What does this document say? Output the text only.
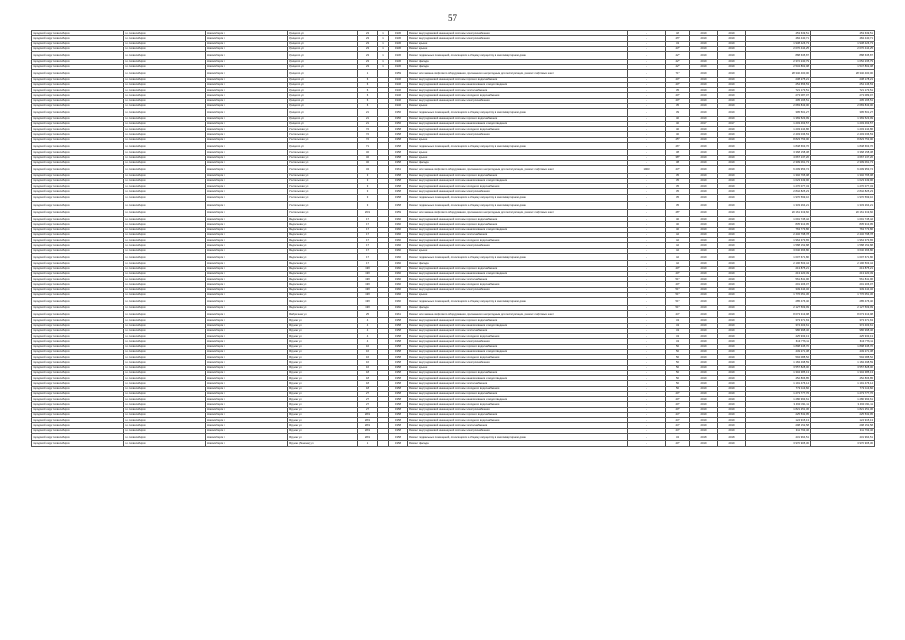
57
городской округ Новосибирск	г.о. Новосибирск	Новосибирск г	Урицкого ул	23	1	1936	Ремонт внутридомовой инженерной системы электроснабжения	-	4б	2019	2019	453 639,51	453 639,51
городской округ Новосибирск	г.о. Новосибирск	Новосибирск г	Урицкого ул	23	1	1936	Ремонт внутридомовой инженерной системы электроснабжения	-	4б*	2019	2019	484 440,71	484 440,71
городской округ Новосибирск	г.о. Новосибирск	Новосибирск г	Урицкого ул	23	1	1936	Ремонт крыши	-	43	2019	2019	1 938 426,73	1 938 426,73
городской округ Новосибирск	г.о. Новосибирск	Новосибирск г	Урицкого ул	23	1	1936	Ремонт крыши	-	43*	2019	2019	2 070 444,25	2 070 444,25
городской округ Новосибирск	г.о. Новосибирск	Новосибирск г	Урицкого ул	23	1	1936	Ремонт подвальных помещений, относящихся к общему имуществу в многоквартирном доме	-	42*	2019	2019	888 635,87	888 635,87
городской округ Новосибирск	г.о. Новосибирск	Новосибирск г	Урицкого ул	23	1	1936	Ремонт фасада	-	42*	2019	2019	2 372 240,79	1 052 235,79
городской округ Новосибирск	г.о. Новосибирск	Новосибирск г	Урицкого ул	23	1	1936	Ремонт фасада	-	42*	2019	2019	2 534 802,08	1 547 802,08
городской округ Новосибирск	г.о. Новосибирск	Новосибирск г	Урицкого ул	1		1959	Ремонт или замена лифтового оборудования, признанного непригодным для эксплуатации, ремонт лифтовых шахт	-	71*	2019	2019	28 340 400,00	28 340 400,00
городской округ Новосибирск	г.о. Новосибирск	Новосибирск г	Урицкого ул	6		1946	Ремонт внутридомовой инженерной системы горячего водоснабжения	-	40*	2019	2019	238 275,21	238 178,21
городской округ Новосибирск	г.о. Новосибирск	Новосибирск г	Урицкого ул	6		1946	Ремонт внутридомовой инженерной системы канализования и водоотведения	-	40*	2019	2019	254 656,53	254 146,53
городской округ Новосибирск	г.о. Новосибирск	Новосибирск г	Урицкого ул	6		1946	Ремонт внутридомовой инженерной системы теплоснабжения	-	35	2019	2019	721 173,51	721 173,51
городской округ Новосибирск	г.о. Новосибирск	Новосибирск г	Урицкого ул	6		1946	Ремонт внутридомовой инженерной системы холодного водоснабжения	-	40*	2019	2019	273 087,97	273 089,97
городской округ Новосибирск	г.о. Новосибирск	Новосибирск г	Урицкого ул	6		1946	Ремонт внутридомовой инженерной системы электроснабжения	-	40*	2019	2019	405 165,51	405 165,51
городской округ Новосибирск	г.о. Новосибирск	Новосибирск г	Урицкого ул	6		1946	Ремонт крыши	-	35	2019	2019	2 683 843,00	2 683 843,00
городской округ Новосибирск	г.о. Новосибирск	Новосибирск г	Урицкого ул	21		1956	Ремонт подвальных помещений, относящихся к общему имуществу в многоквартирном доме	-	39	2019	2019	395 501,27	395 501,27
городской округ Новосибирск	г.о. Новосибирск	Новосибирск г	Урицкого ул	21		1956	Ремонт внутридомовой инженерной системы горячего водоснабжения	-	40	2019	2019	1 369 523,99	1 369 523,99
городской округ Новосибирск	г.о. Новосибирск	Новосибирск г	Урицкого ул	21		1956	Ремонт внутридомовой инженерной системы канализования и водоотведения	-	40	2017	2017	1 203 463,57	1 203 463,57
городской округ Новосибирск	г.о. Новосибирск	Новосибирск г	Учительская ул	72		1958	Ремонт внутридомовой инженерной системы холодного водоснабжения	-	40	2019	2019	1 203 244,86	1 203 244,86
городской округ Новосибирск	г.о. Новосибирск	Новосибирск г	Учительская ул	72		1958	Ремонт внутридомовой инженерной системы электроснабжения	-	40	2019	2019	2 403 036,53	2 403 036,53
городской округ Новосибирск	г.о. Новосибирск	Новосибирск г	Учительская ул	72		1958	Ремонт крыши	-	45*	2019	2019	8 823 753,00	8 823 753,00
городской округ Новосибирск	г.о. Новосибирск	Новосибирск г	Урицкого ул	71		1958	Ремонт подвальных помещений, относящихся к общему имуществу в многоквартирном доме	-	46*	2019	2019	1 848 663,76	1 848 663,76
городской округ Новосибирск	г.о. Новосибирск	Новосибирск г	Учительская ул	32		1958	Ремонт крыши	-	38	2019	2019	3 368 158,38	3 368 158,38
городской округ Новосибирск	г.о. Новосибирск	Новосибирск г	Учительская ул	32		1958	Ремонт крыши	-	38*	2019	2019	4 667 137,20	4 667 137,20
городской округ Новосибирск	г.о. Новосибирск	Новосибирск г	Учительская ул	32		1958	Ремонт фасада	-	38	2019	2019	2 309 061,73	2 309 061,73
городской округ Новосибирск	г.о. Новосибирск	Новосибирск г	Учительская ул	34		1961	Ремонт или замена лифтового оборудования, признанного непригодным для эксплуатации, ремонт лифтовых шахт	1903	43*	2019	2019	6 209 953,74	6 209 953,74
городской округ Новосибирск	г.о. Новосибирск	Новосибирск г	Учительская ул	3		1958	Ремонт внутридомовой инженерной системы горячего водоснабжения	-	35	2019	2019	1 302 765,08	1 302 765,08
городской округ Новосибирск	г.о. Новосибирск	Новосибирск г	Учительская ул	3		1958	Ремонт внутридомовой инженерной системы канализования и водоотведения	-	35	2019	2019	1 023 349,96	1 023 349,96
городской округ Новосибирск	г.о. Новосибирск	Новосибирск г	Учительская ул	3		1958	Ремонт внутридомовой инженерной системы холодного водоснабжения	-	35	2019	2019	1 270 077,43	1 270 077,43
городской округ Новосибирск	г.о. Новосибирск	Новосибирск г	Учительская ул	3		1958	Ремонт внутридомовой инженерной системы электроснабжения	-	35	2019	2019	2 842 825,23	2 842 825,23
городской округ Новосибирск	г.о. Новосибирск	Новосибирск г	Учительская ул	3		1958	Ремонт подвальных помещений, относящихся к общему имуществу в многоквартирном доме	-	35	2019	2019	1 970 599,10	1 970 599,10
городской округ Новосибирск	г.о. Новосибирск	Новосибирск г	Учительская ул	3		1958	Ремонт подвальных помещений, относящихся к общему имуществу в многоквартирном доме	-	35	2019	2019	1 333 264,21	1 333 264,21
городской округ Новосибирск	г.о. Новосибирск	Новосибирск г	Учительская ул	26/1		1959	Ремонт или замена лифтового оборудования, признанного непригодным для эксплуатации, ремонт лифтовых шахт	-	48*	2019	2019	20 161 319,60	20 161 319,60
городской округ Новосибирск	г.о. Новосибирск	Новосибирск г	Федосеева ул	17		1960	Ремонт внутридомовой инженерной системы горячего водоснабжения	-	40	2019	2019	1 091 745,42	1 091 745,42
городской округ Новосибирск	г.о. Новосибирск	Новосибирск г	Федосеева ул	17		1960	Ремонт внутридомовой инженерной системы горячего водоснабжения	-	40	2019	2019	835 913,95	835 913,95
городской округ Новосибирск	г.о. Новосибирск	Новосибирск г	Федосеева ул	17		1960	Ремонт внутридомовой инженерной системы канализования и водоотведения	-	40	2019	2019	763 773,86	763 773,86
городской округ Новосибирск	г.о. Новосибирск	Новосибирск г	Федосеева ул	17		1960	Ремонт внутридомовой инженерной системы теплоснабжения	-	42	2019	2019	2 432 798,78	2 432 798,78
городской округ Новосибирск	г.о. Новосибирск	Новосибирск г	Федосеева ул	17		1960	Ремонт внутридомовой инженерной системы холодного водоснабжения	-	42	2019	2019	1 964 373,65	1 964 373,65
городской округ Новосибирск	г.о. Новосибирск	Новосибирск г	Федосеева ул	17		1960	Ремонт внутридомовой инженерной системы электроснабжения	-	42	2019	2019	1 588 152,88	1 588 152,88
городской округ Новосибирск	г.о. Новосибирск	Новосибирск г	Федосеева ул	17		1960	Ремонт крыши	-	42	2019	2019	3 640 366,80	3 640 366,80
городской округ Новосибирск	г.о. Новосибирск	Новосибирск г	Федосеева ул	17		1960	Ремонт подвальных помещений, относящихся к общему имуществу в многоквартирном доме	-	42	2019	2019	1 007 671,80	1 007 671,80
городской округ Новосибирск	г.о. Новосибирск	Новосибирск г	Федосеева ул	17		1960	Ремонт фасада	-	42	2019	2019	2 196 503,44	2 196 503,44
городской округ Новосибирск	г.о. Новосибирск	Новосибирск г	Федосеева ул	19б		1960	Ремонт внутридомовой инженерной системы горячего водоснабжения	-	40*	2019	2019	213 875,21	213 875,21
городской округ Новосибирск	г.о. Новосибирск	Новосибирск г	Федосеева ул	19б		1960	Ремонт внутридомовой инженерной системы канализования и водоотведения	-	40*	2019	2019	213 220,49	213 220,49
городской округ Новосибирск	г.о. Новосибирск	Новосибирск г	Федосеева ул	19б		1960	Ремонт внутридомовой инженерной системы теплоснабжения	-	51*	2019	2019	561 841,96	561 841,96
городской округ Новосибирск	г.о. Новосибирск	Новосибирск г	Федосеева ул	19б		1960	Ремонт внутридомовой инженерной системы холодного водоснабжения	-	40*	2019	2019	201 206,07	201 206,07
городской округ Новосибирск	г.о. Новосибирск	Новосибирск г	Федосеева ул	19б		1960	Ремонт внутридомовой инженерной системы электроснабжения	-	51*	2019	2019	349 444,32	349 444,32
городской округ Новосибирск	г.о. Новосибирск	Новосибирск г	Федосеева ул	19б		1960	Ремонт крыши	-	51*	2019	2019	1 776 051,36	1 776 051,36
городской округ Новосибирск	г.о. Новосибирск	Новосибирск г	Федосеева ул	19б		1960	Ремонт подвальных помещений, относящихся к общему имуществу в многоквартирном доме	-	51*	2019	2019	285 476,40	285 476,40
городской округ Новосибирск	г.о. Новосибирск	Новосибирск г	Федосеева ул	19б		1960	Ремонт фасада	-	51*	2019	2019	2 127 509,99	2 127 509,99
городской округ Новосибирск	г.о. Новосибирск	Новосибирск г	Фабричная ул	25		1961	Ремонт или замена лифтового оборудования, признанного непригодным для эксплуатации, ремонт лифтовых шахт	-	44*	2019	2019	8 073 313,98	8 073 313,98
городской округ Новосибирск	г.о. Новосибирск	Новосибирск г	Фрунзе ул	4		1958	Ремонт внутридомовой инженерной системы горячего водоснабжения	-	43	2019	2019	373 371,63	373 371,63
городской округ Новосибирск	г.о. Новосибирск	Новосибирск г	Фрунзе ул	4		1958	Ремонт внутридомовой инженерной системы канализования и водоотведения	-	43	2019	2019	374 403,61	374 403,61
городской округ Новосибирск	г.о. Новосибирск	Новосибирск г	Фрунзе ул	4		1958	Ремонт внутридомовой инженерной системы теплоснабжения	-	43	2019	2019	986 998,46	986 998,46
городской округ Новосибирск	г.о. Новосибирск	Новосибирск г	Фрунзе ул	4		1958	Ремонт внутридомовой инженерной системы холодного водоснабжения	-	43	2019	2019	425 933,13	425 933,13
городской округ Новосибирск	г.о. Новосибирск	Новосибирск г	Фрунзе ул	4		1958	Ремонт внутридомовой инженерной системы электроснабжения	-	43	2019	2019	613 776,11	613 776,11
городской округ Новосибирск	г.о. Новосибирск	Новосибирск г	Фрунзе ул	16		1958	Ремонт внутридомовой инженерной системы горячего водоснабжения	-	50	2019	2019	1 898 345,70	1 898 345,70
городской округ Новосибирск	г.о. Новосибирск	Новосибирск г	Фрунзе ул	16		1958	Ремонт внутридомовой инженерной системы канализования и водоотведения	-	50	2019	2019	449 271,38	449 271,38
городской округ Новосибирск	г.о. Новосибирск	Новосибирск г	Фрунзе ул	16		1958	Ремонт внутридомовой инженерной системы холодного водоснабжения	-	50	2019	2019	594 088,52	594 088,52
городской округ Новосибирск	г.о. Новосибирск	Новосибирск г	Фрунзе ул	16		1958	Ремонт внутридомовой инженерной системы электроснабжения	-	50	2019	2019	1 184 498,59	1 184 498,59
городской округ Новосибирск	г.о. Новосибирск	Новосибирск г	Фрунзе ул	16		1958	Ремонт крыши	-	50	2019	2019	3 557 828,00	3 557 828,00
городской округ Новосибирск	г.о. Новосибирск	Новосибирск г	Фрунзе ул	18		1958	Ремонт внутридомовой инженерной системы горячего водоснабжения	-	50	2019	2019	1 304 385,13	1 304 385,13
городской округ Новосибирск	г.о. Новосибирск	Новосибирск г	Фрунзе ул	18		1958	Ремонт внутридомовой инженерной системы канализования и водоотведения	-	50	2019	2019	452 806,85	452 806,85
городской округ Новосибирск	г.о. Новосибирск	Новосибирск г	Фрунзе ул	18		1958	Ремонт внутридомовой инженерной системы теплоснабжения	-	50	2019	2019	1 191 476,14	1 191 476,14
городской округ Новосибирск	г.о. Новосибирск	Новосибирск г	Фрунзе ул	18		1958	Ремонт внутридомовой инженерной системы холодного водоснабжения	-	50	2019	2019	772 113,82	772 113,82
городской округ Новосибирск	г.о. Новосибирск	Новосибирск г	Фрунзе ул	27		1958	Ремонт внутридомовой инженерной системы горячего водоснабжения	-	40*	2019	2019	1 273 777,76	1 273 777,76
городской округ Новосибирск	г.о. Новосибирск	Новосибирск г	Фрунзе ул	27		1958	Ремонт внутридомовой инженерной системы канализования и водоотведения	-	40*	2019	2019	1 280 993,61	1 280 993,61
городской округ Новосибирск	г.о. Новосибирск	Новосибирск г	Фрунзе ул	27		1958	Ремонт внутридомовой инженерной системы холодного водоснабжения	-	40*	2019	2019	3 460 331,11	3 460 331,11
городской округ Новосибирск	г.о. Новосибирск	Новосибирск г	Фрунзе ул	27		1958	Ремонт внутридомовой инженерной системы электроснабжения	-	40*	2019	2019	1 821 251,36	1 821 251,36
городской округ Новосибирск	г.о. Новосибирск	Новосибирск г	Фрунзе ул	28/1		1958	Ремонт внутридомовой инженерной системы горячего водоснабжения	-	44*	2019	2019	225 532,95	225 532,95
городской округ Новосибирск	г.о. Новосибирск	Новосибирск г	Фрунзе ул	28/1		1958	Ремонт внутридомовой инженерной системы холодного водоснабжения	-	44*	2019	2019	124 915,13	124 915,13
городской округ Новосибирск	г.о. Новосибирск	Новосибирск г	Фрунзе ул	28/1		1958	Ремонт внутридомовой инженерной системы теплоснабжения	-	44*	2019	2019	298 152,58	298 152,58
городской округ Новосибирск	г.о. Новосибирск	Новосибирск г	Фрунзе ул	28/1		1958	Ремонт внутридомовой инженерной системы электроснабжения	-	44*	2019	2019	311 793,46	311 793,46
городской округ Новосибирск	г.о. Новосибирск	Новосибирск г	Фрунзе ул	28/1		1958	Ремонт подвальных помещений, относящихся к общему имуществу в многоквартирном доме	-	34	2018	2018	431 964,51	431 964,51
городской округ Новосибирск	г.о. Новосибирск	Новосибирск г	Фрунзе (Ленина) ул	1		1958	Ремонт фасада	-	40*	2019	2019	3 970 905,30	3 970 905,30
